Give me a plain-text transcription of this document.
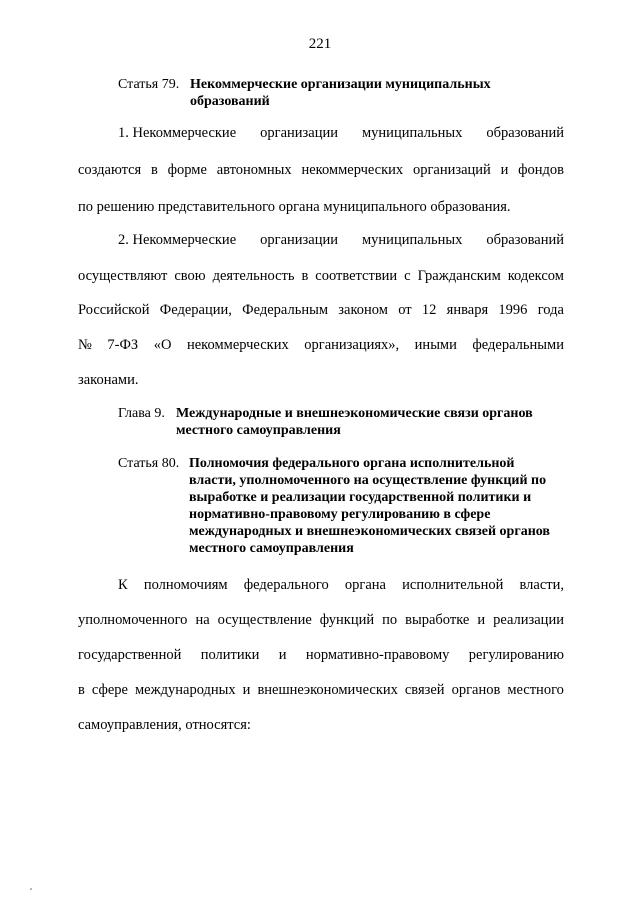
221
Статья 79. Некоммерческие организации муниципальных образований
1. Некоммерческие организации муниципальных образований
создаются в форме автономных некоммерческих организаций и фондов
по решению представительного органа муниципального образования.
2. Некоммерческие организации муниципальных образований
осуществляют свою деятельность в соответствии с Гражданским кодексом
Российской Федерации, Федеральным законом от 12 января 1996 года
№ 7-ФЗ «О некоммерческих организациях», иными федеральными
законами.
Глава 9. Международные и внешнеэкономические связи органов местного самоуправления
Статья 80. Полномочия федерального органа исполнительной власти, уполномоченного на осуществление функций по выработке и реализации государственной политики и нормативно-правовому регулированию в сфере международных и внешнеэкономических связей органов местного самоуправления
К полномочиям федерального органа исполнительной власти,
уполномоченного на осуществление функций по выработке и реализации
государственной политики и нормативно-правовому регулированию
в сфере международных и внешнеэкономических связей органов местного
самоуправления, относятся:
